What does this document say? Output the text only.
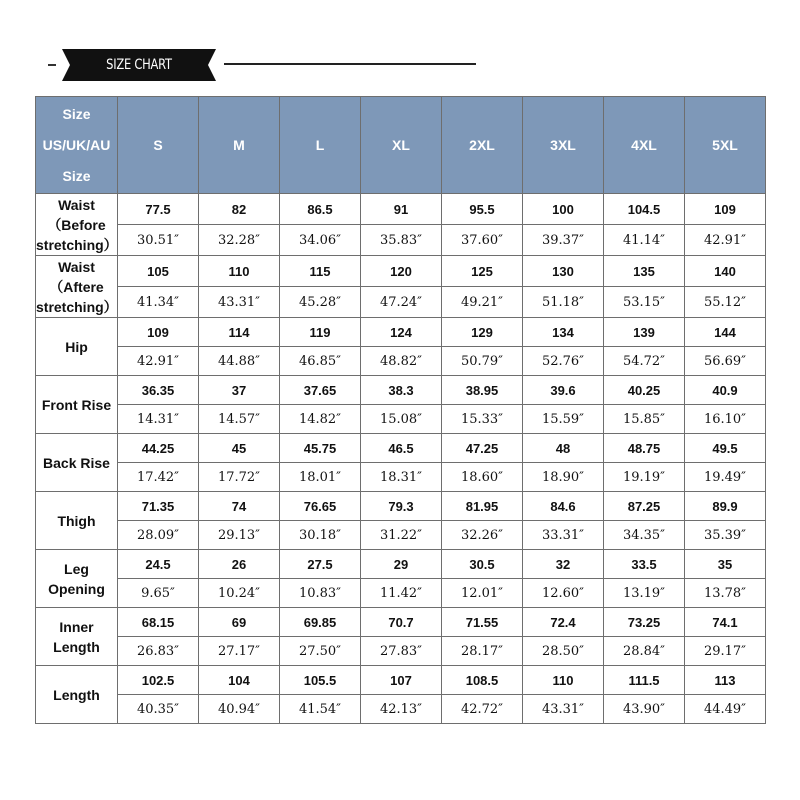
SIZE CHART
Size
US/UK/AU
Size	S	M	L	XL	2XL	3XL	4XL	5XL
Waist （Before stretching）	77.5	82	86.5	91	95.5	100	104.5	109
	30.51″	32.28″	34.06″	35.83″	37.60″	39.37″	41.14″	42.91″
Waist （Aftere stretching）	105	110	115	120	125	130	135	140
	41.34″	43.31″	45.28″	47.24″	49.21″	51.18″	53.15″	55.12″
Hip	109	114	119	124	129	134	139	144
	42.91″	44.88″	46.85″	48.82″	50.79″	52.76″	54.72″	56.69″
Front Rise	36.35	37	37.65	38.3	38.95	39.6	40.25	40.9
	14.31″	14.57″	14.82″	15.08″	15.33″	15.59″	15.85″	16.10″
Back Rise	44.25	45	45.75	46.5	47.25	48	48.75	49.5
	17.42″	17.72″	18.01″	18.31″	18.60″	18.90″	19.19″	19.49″
Thigh	71.35	74	76.65	79.3	81.95	84.6	87.25	89.9
	28.09″	29.13″	30.18″	31.22″	32.26″	33.31″	34.35″	35.39″
Leg Opening	24.5	26	27.5	29	30.5	32	33.5	35
	9.65″	10.24″	10.83″	11.42″	12.01″	12.60″	13.19″	13.78″
Inner Length	68.15	69	69.85	70.7	71.55	72.4	73.25	74.1
	26.83″	27.17″	27.50″	27.83″	28.17″	28.50″	28.84″	29.17″
Length	102.5	104	105.5	107	108.5	110	111.5	113
	40.35″	40.94″	41.54″	42.13″	42.72″	43.31″	43.90″	44.49″
